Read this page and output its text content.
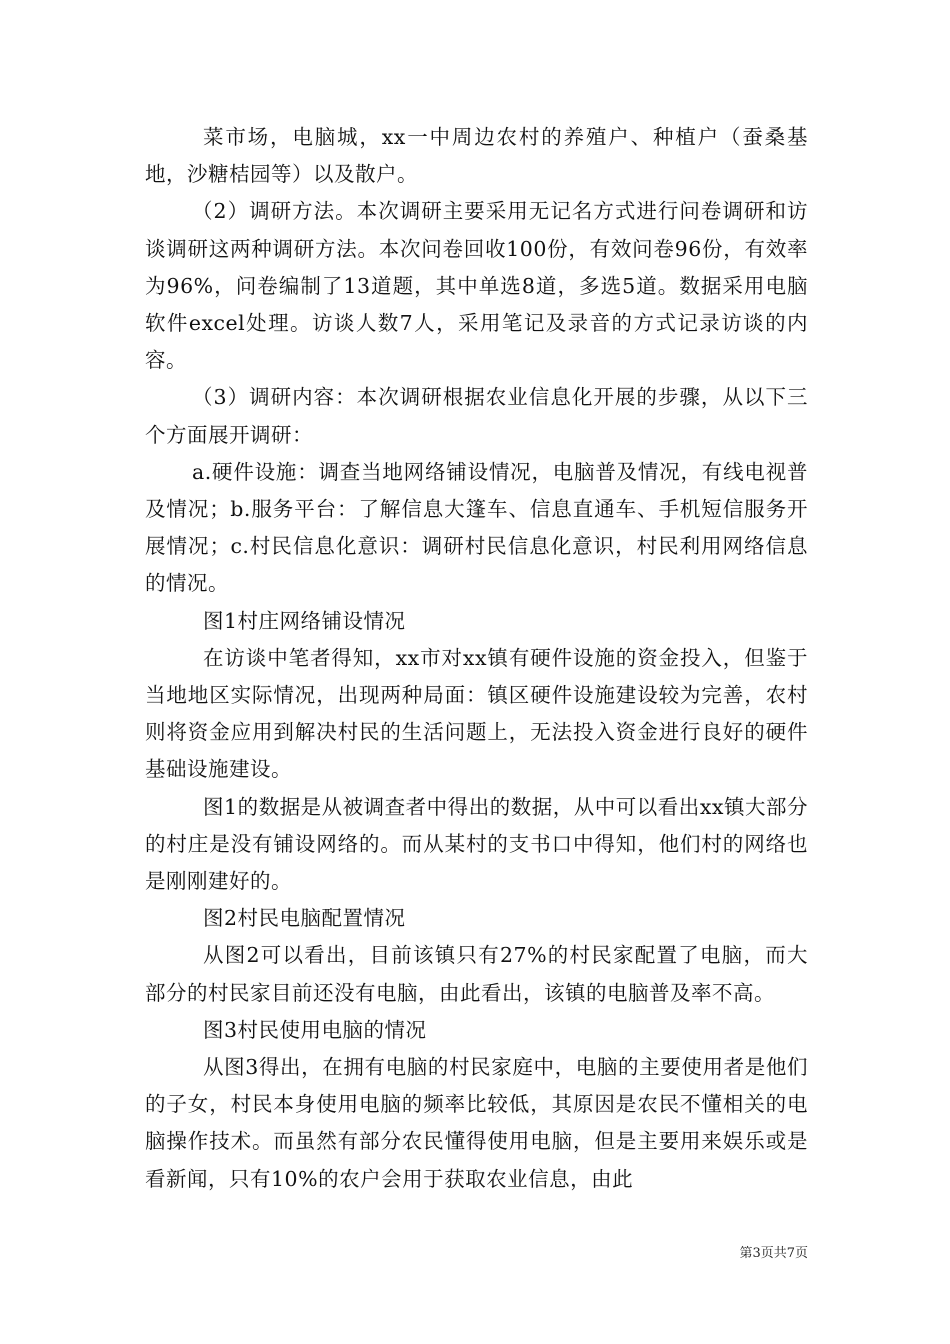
菜市场，电脑城，xx一中周边农村的养殖户、种植户（蚕桑基地，沙糖桔园等）以及散户。

（2）调研方法。本次调研主要采用无记名方式进行问卷调研和访谈调研这两种调研方法。本次问卷回收100份，有效问卷96份，有效率为96%，问卷编制了13道题，其中单选8道，多选5道。数据采用电脑软件excel处理。访谈人数7人，采用笔记及录音的方式记录访谈的内容。

（3）调研内容：本次调研根据农业信息化开展的步骤，从以下三个方面展开调研：

a.硬件设施：调查当地网络铺设情况，电脑普及情况，有线电视普及情况；b.服务平台：了解信息大篷车、信息直通车、手机短信服务开展情况；c.村民信息化意识：调研村民信息化意识，村民利用网络信息的情况。

图1村庄网络铺设情况

在访谈中笔者得知，xx市对xx镇有硬件设施的资金投入，但鉴于当地地区实际情况，出现两种局面：镇区硬件设施建设较为完善，农村则将资金应用到解决村民的生活问题上，无法投入资金进行良好的硬件基础设施建设。

图1的数据是从被调查者中得出的数据，从中可以看出xx镇大部分的村庄是没有铺设网络的。而从某村的支书口中得知，他们村的网络也是刚刚建好的。

图2村民电脑配置情况

从图2可以看出，目前该镇只有27%的村民家配置了电脑，而大部分的村民家目前还没有电脑，由此看出，该镇的电脑普及率不高。

图3村民使用电脑的情况

从图3得出，在拥有电脑的村民家庭中，电脑的主要使用者是他们的子女，村民本身使用电脑的频率比较低，其原因是农民不懂相关的电脑操作技术。而虽然有部分农民懂得使用电脑，但是主要用来娱乐或是看新闻，只有10%的农户会用于获取农业信息，由此

第3页共7页
